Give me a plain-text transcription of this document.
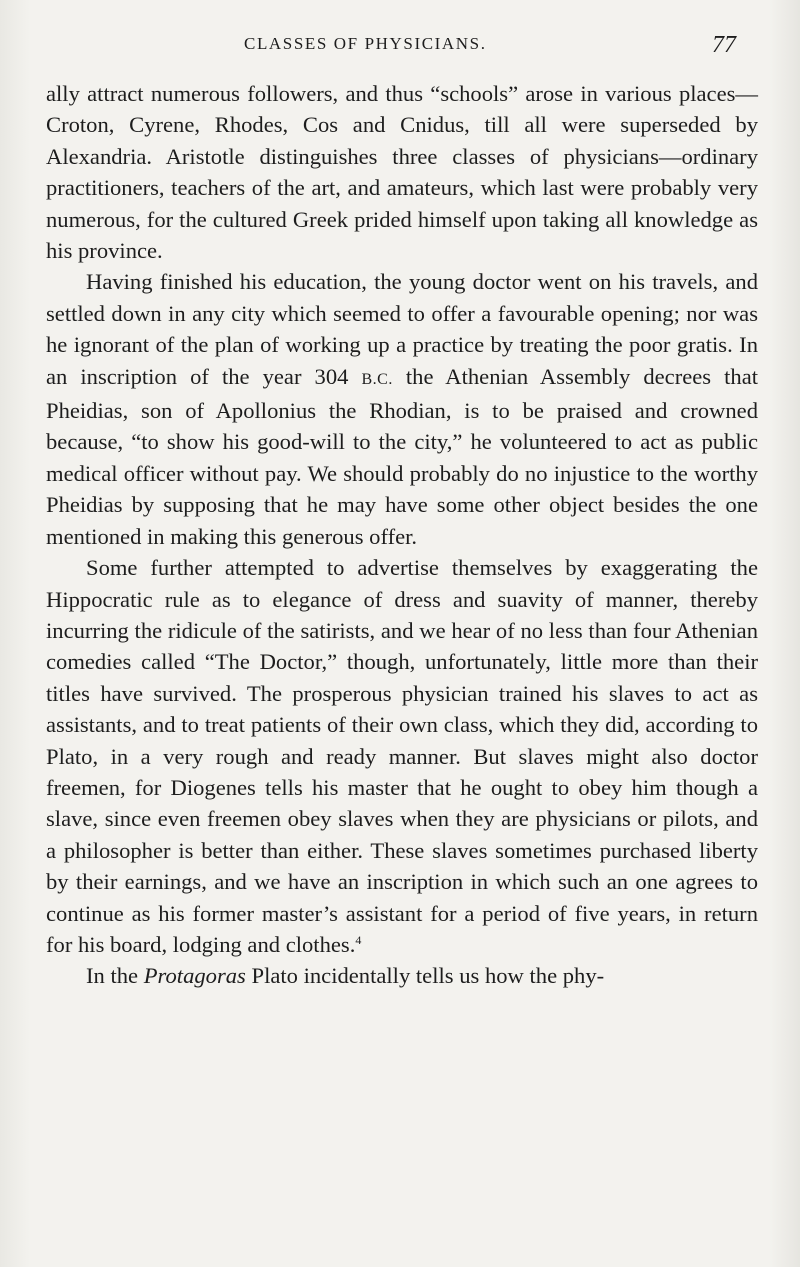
CLASSES OF PHYSICIANS.	77

ally attract numerous followers, and thus “schools” arose in various places—Croton, Cyrene, Rhodes, Cos and Cnidus, till all were superseded by Alexandria. Aristotle distinguishes three classes of physicians—ordinary practitioners, teachers of the art, and amateurs, which last were probably very numerous, for the cultured Greek prided himself upon taking all knowledge as his province.

Having finished his education, the young doctor went on his travels, and settled down in any city which seemed to offer a favourable opening; nor was he ignorant of the plan of working up a practice by treating the poor gratis. In an inscription of the year 304 B.C. the Athenian Assembly decrees that Pheidias, son of Apollonius the Rhodian, is to be praised and crowned because, “to show his good-will to the city,” he volunteered to act as public medical officer without pay. We should probably do no injustice to the worthy Pheidias by supposing that he may have some other object besides the one mentioned in making this generous offer.

Some further attempted to advertise themselves by exaggerating the Hippocratic rule as to elegance of dress and suavity of manner, thereby incurring the ridicule of the satirists, and we hear of no less than four Athenian comedies called “The Doctor,” though, unfortunately, little more than their titles have survived. The prosperous physician trained his slaves to act as assistants, and to treat patients of their own class, which they did, according to Plato, in a very rough and ready manner. But slaves might also doctor freemen, for Diogenes tells his master that he ought to obey him though a slave, since even freemen obey slaves when they are physicians or pilots, and a philosopher is better than either. These slaves sometimes purchased liberty by their earnings, and we have an inscription in which such an one agrees to continue as his former master’s assistant for a period of five years, in return for his board, lodging and clothes.$^4$

In the Protagoras Plato incidentally tells us how the phy-
